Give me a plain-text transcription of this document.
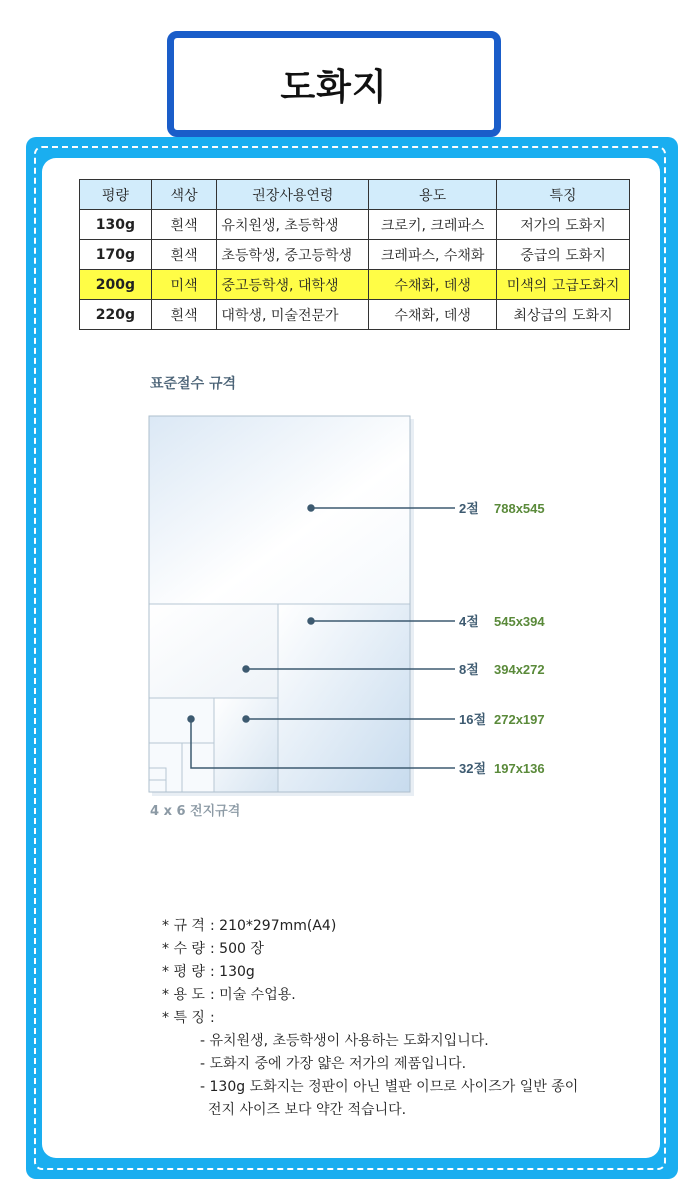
도화지
평량	색상	권장사용연령	용도	특징
130g	흰색	유치원생, 초등학생	크로키, 크레파스	저가의 도화지
170g	흰색	초등학생, 중고등학생	크레파스, 수채화	중급의 도화지
200g	미색	중고등학생, 대학생	수채화, 데생	미색의 고급도화지
220g	흰색	대학생, 미술전문가	수채화, 데생	최상급의 도화지
표준절수 규격
2절 788x545
4절 545x394
8절 394x272
16절 272x197
32절 197x136
4 x 6 전지규격
* 규 격 : 210*297mm(A4)
* 수 량 : 500 장
* 평 량 : 130g
* 용 도 : 미술 수업용.
* 특 징 :
- 유치원생, 초등학생이 사용하는 도화지입니다.
- 도화지 중에 가장 얇은 저가의 제품입니다.
- 130g 도화지는 정판이 아닌 별판 이므로 사이즈가 일반 종이
전지 사이즈 보다 약간 적습니다.
